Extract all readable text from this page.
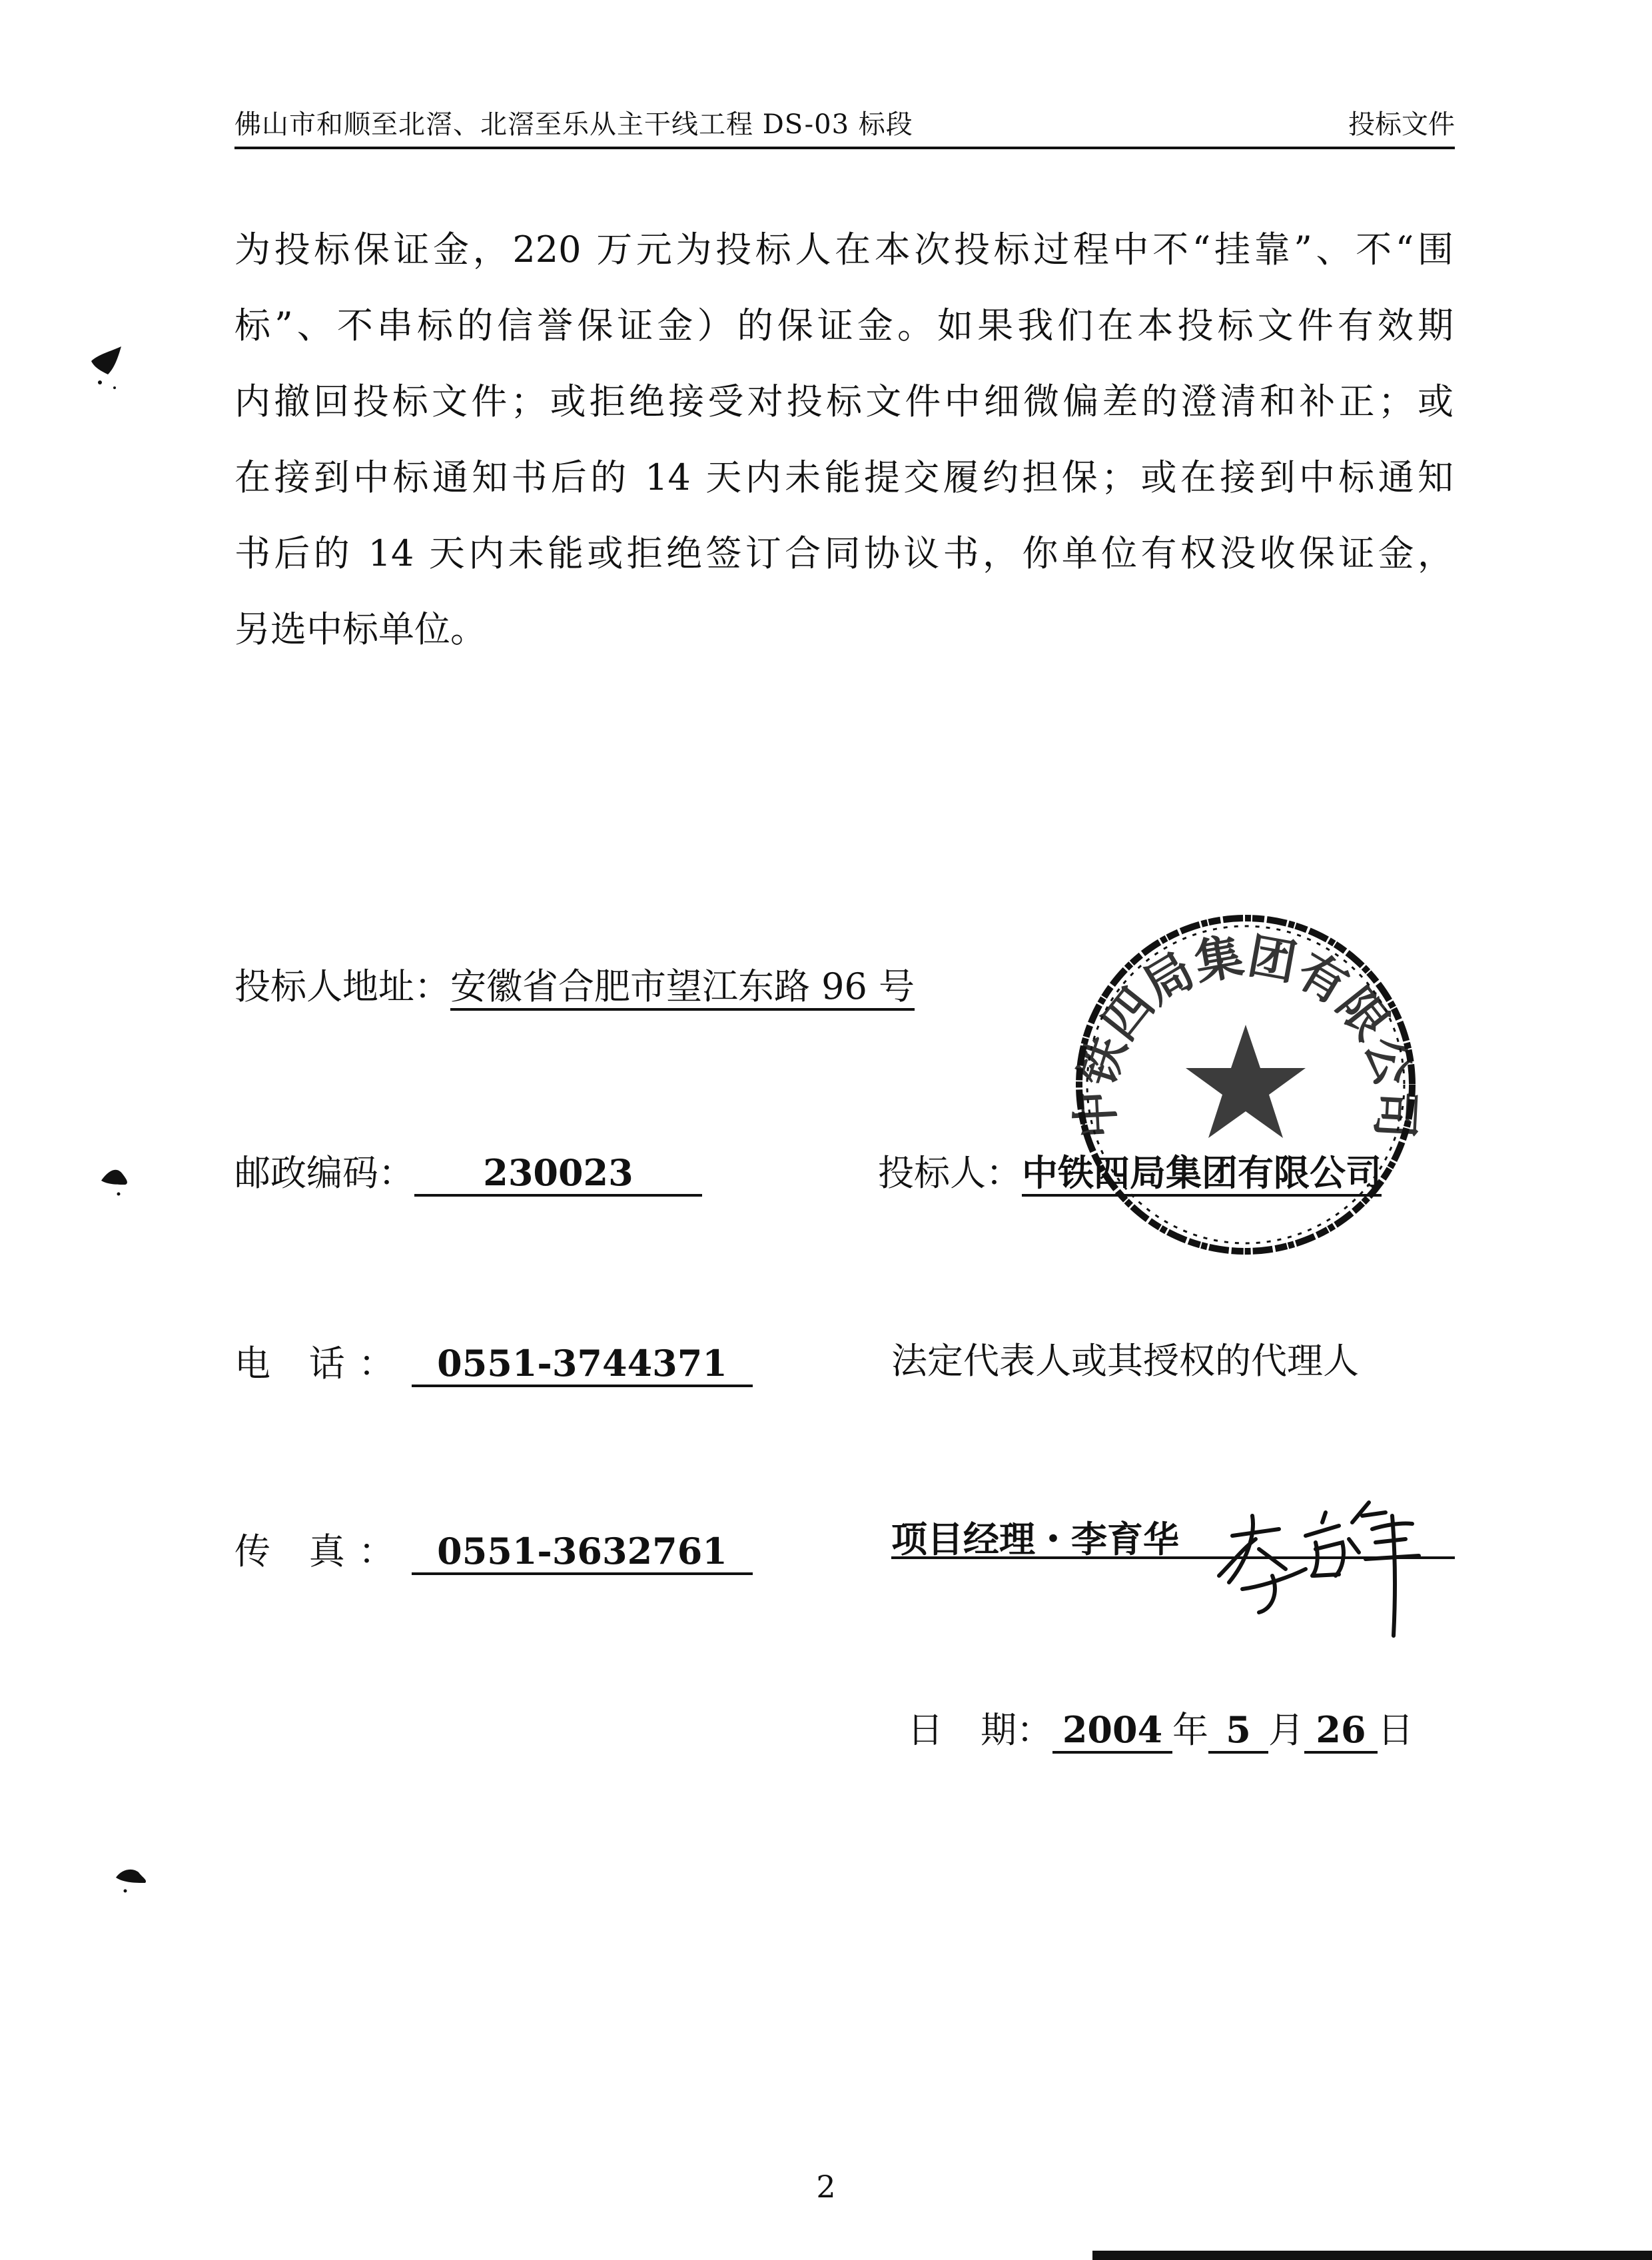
佛山市和顺至北滘、北滘至乐从主干线工程 DS-03 标段	投标文件
为投标保证金，220 万元为投标人在本次投标过程中不“挂靠”、不“围
标”、不串标的信誉保证金）的保证金。如果我们在本投标文件有效期
内撤回投标文件；或拒绝接受对投标文件中细微偏差的澄清和补正；或
在接到中标通知书后的 14 天内未能提交履约担保；或在接到中标通知
书后的 14 天内未能或拒绝签订合同协议书，你单位有权没收保证金，
另选中标单位。
投标人地址：安徽省合肥市望江东路 96 号
邮政编码： 230023	投标人：中铁四局集团有限公司
电 话： 0551-3744371	法定代表人或其授权的代理人
传 真： 0551-3632761	项目经理・李育华
日 期： 2004 年 5 月 26 日
中铁四局集团有限公司
2
